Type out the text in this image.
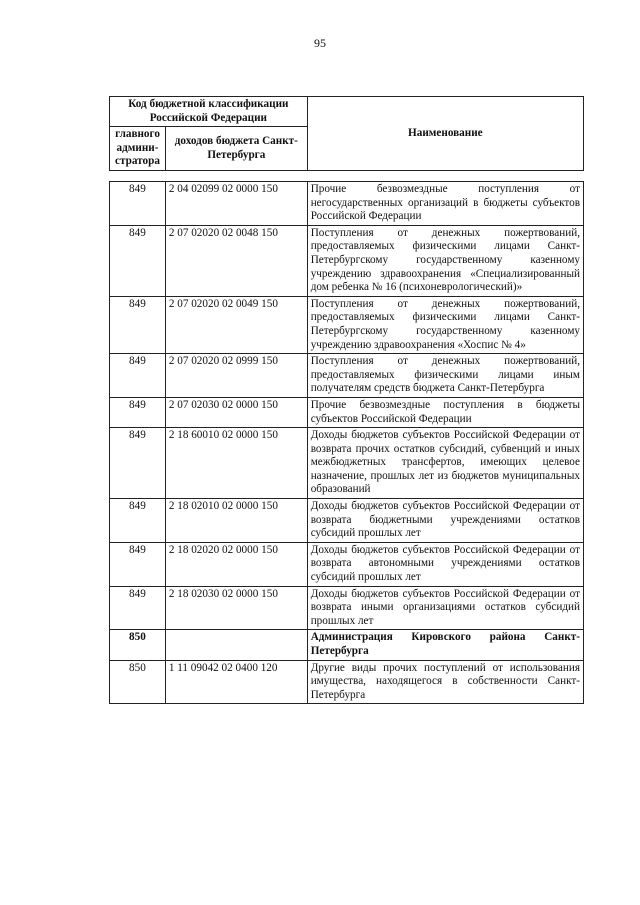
95
Код бюджетной классификации Российской Федерации		Наименование
главного админи-стратора	доходов бюджета Санкт-Петербурга	
849	2 04 02099 02 0000 150	Прочие безвозмездные поступления от негосударственных организаций в бюджеты субъектов Российской Федерации
849	2 07 02020 02 0048 150	Поступления от денежных пожертвований, предоставляемых физическими лицами Санкт-Петербургскому государственному казенному учреждению здравоохранения «Специализированный дом ребенка № 16 (психоневрологический)»
849	2 07 02020 02 0049 150	Поступления от денежных пожертвований, предоставляемых физическими лицами Санкт-Петербургскому государственному казенному учреждению здравоохранения «Хоспис № 4»
849	2 07 02020 02 0999 150	Поступления от денежных пожертвований, предоставляемых физическими лицами иным получателям средств бюджета Санкт-Петербурга
849	2 07 02030 02 0000 150	Прочие безвозмездные поступления в бюджеты субъектов Российской Федерации
849	2 18 60010 02 0000 150	Доходы бюджетов субъектов Российской Федерации от возврата прочих остатков субсидий, субвенций и иных межбюджетных трансфертов, имеющих целевое назначение, прошлых лет из бюджетов муниципальных образований
849	2 18 02010 02 0000 150	Доходы бюджетов субъектов Российской Федерации от возврата бюджетными учреждениями остатков субсидий прошлых лет
849	2 18 02020 02 0000 150	Доходы бюджетов субъектов Российской Федерации от возврата автономными учреждениями остатков субсидий прошлых лет
849	2 18 02030 02 0000 150	Доходы бюджетов субъектов Российской Федерации от возврата иными организациями остатков субсидий прошлых лет
850		Администрация Кировского района Санкт-Петербурга
850	1 11 09042 02 0400 120	Другие виды прочих поступлений от использования имущества, находящегося в собственности Санкт-Петербурга
